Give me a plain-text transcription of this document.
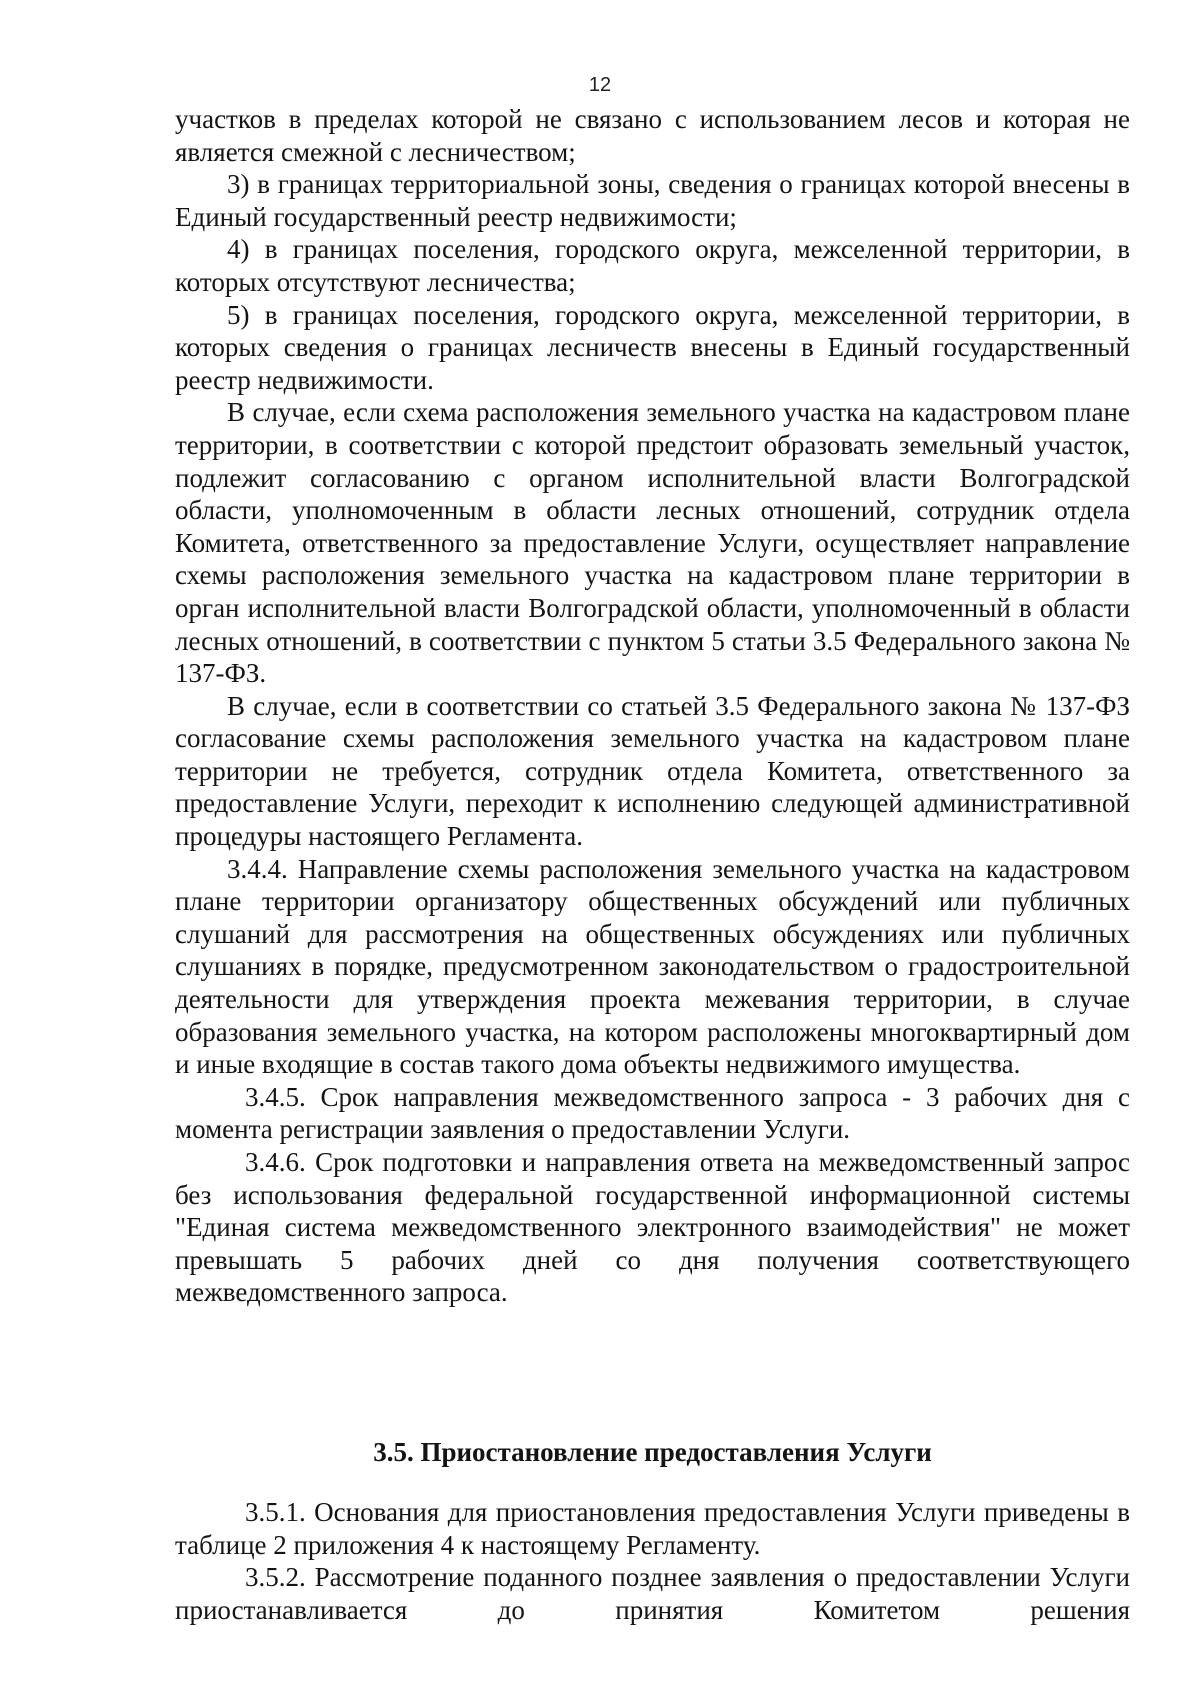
12

участков в пределах которой не связано с использованием лесов и которая не является смежной с лесничеством;

3) в границах территориальной зоны, сведения о границах которой внесены в Единый государственный реестр недвижимости;

4) в границах поселения, городского округа, межселенной территории, в которых отсутствуют лесничества;

5) в границах поселения, городского округа, межселенной территории, в которых сведения о границах лесничеств внесены в Единый государственный реестр недвижимости.

В случае, если схема расположения земельного участка на кадастровом плане территории, в соответствии с которой предстоит образовать земельный участок, подлежит согласованию с органом исполнительной власти Волгоградской области, уполномоченным в области лесных отношений, сотрудник отдела Комитета, ответственного за предоставление Услуги, осуществляет направление схемы расположения земельного участка на кадастровом плане территории в орган исполнительной власти Волгоградской области, уполномоченный в области лесных отношений, в соответствии с пунктом 5 статьи 3.5 Федерального закона № 137-ФЗ.

В случае, если в соответствии со статьей 3.5 Федерального закона № 137-ФЗ согласование схемы расположения земельного участка на кадастровом плане территории не требуется, сотрудник отдела Комитета, ответственного за предоставление Услуги, переходит к исполнению следующей административной процедуры настоящего Регламента.

3.4.4. Направление схемы расположения земельного участка на кадастровом плане территории организатору общественных обсуждений или публичных слушаний для рассмотрения на общественных обсуждениях или публичных слушаниях в порядке, предусмотренном законодательством о градостроительной деятельности для утверждения проекта межевания территории, в случае образования земельного участка, на котором расположены многоквартирный дом и иные входящие в состав такого дома объекты недвижимого имущества.

3.4.5. Срок направления межведомственного запроса - 3 рабочих дня с момента регистрации заявления о предоставлении Услуги.

3.4.6. Срок подготовки и направления ответа на межведомственный запрос без использования федеральной государственной информационной системы "Единая система межведомственного электронного взаимодействия" не может превышать 5 рабочих дней со дня получения соответствующего межведомственного запроса.

3.5. Приостановление предоставления Услуги

3.5.1. Основания для приостановления предоставления Услуги приведены в таблице 2 приложения 4 к настоящему Регламенту.

3.5.2. Рассмотрение поданного позднее заявления о предоставлении Услуги приостанавливается до принятия Комитетом решения
